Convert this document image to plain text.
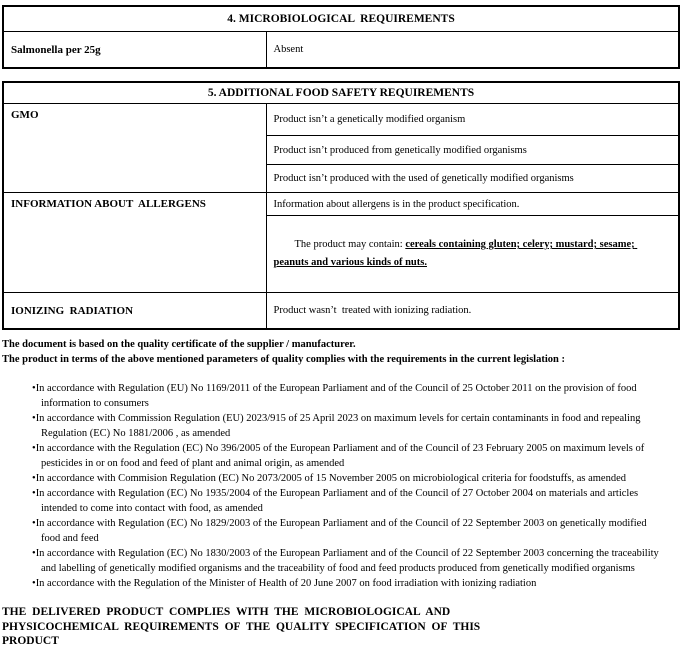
4. MICROBIOLOGICAL  REQUIREMENTS
Salmonella per 25g	Absent
5. ADDITIONAL FOOD SAFETY REQUIREMENTS	
GMO	Product isn’t a genetically modified organism
	Product isn’t produced from genetically modified organisms
	Product isn’t produced with the used of genetically modified organisms
INFORMATION ABOUT  ALLERGENS	Information about allergens is in the product specification.

The product may contain: cereals containing gluten; celery; mustard; sesame; peanuts and various kinds of nuts.

IONIZING  RADIATION	Product wasn’t  treated with ionizing radiation.

The document is based on the quality certificate of the supplier / manufacturer.

The product in terms of the above mentioned parameters of quality complies with the requirements in the current legislation :

• In accordance with Regulation (EU) No 1169/2011 of the European Parliament and of the Council of 25 October 2011 on the provision of food information to consumers
• In accordance with Commission Regulation (EU) 2023/915 of 25 April 2023 on maximum levels for certain contaminants in food and repealing Regulation (EC) No 1881/2006 , as amended
• In accordance with the Regulation (EC) No 396/2005 of the European Parliament and of the Council of 23 February 2005 on maximum levels of pesticides in or on food and feed of plant and animal origin, as amended
• In accordance with Commision Regulation (EC) No 2073/2005 of 15 November 2005 on microbiological criteria for foodstuffs, as amended
• In accordance with Regulation (EC) No 1935/2004 of the European Parliament and of the Council of 27 October 2004 on materials and articles intended to come into contact with food, as amended
• In accordance with Regulation (EC) No 1829/2003 of the European Parliament and of the Council of 22 September 2003 on genetically modified food and feed
• In accordance with Regulation (EC) No 1830/2003 of the European Parliament and of the Council of 22 September 2003 concerning the traceability and labelling of genetically modified organisms and the traceability of food and feed products produced from genetically modified organisms
• In accordance with the Regulation of the Minister of Health of 20 June 2007 on food irradiation with ionizing radiation

THE DELIVERED PRODUCT COMPLIES WITH THE MICROBIOLOGICAL AND PHYSICOCHEMICAL REQUIREMENTS OF THE QUALITY SPECIFICATION OF THIS PRODUCT
